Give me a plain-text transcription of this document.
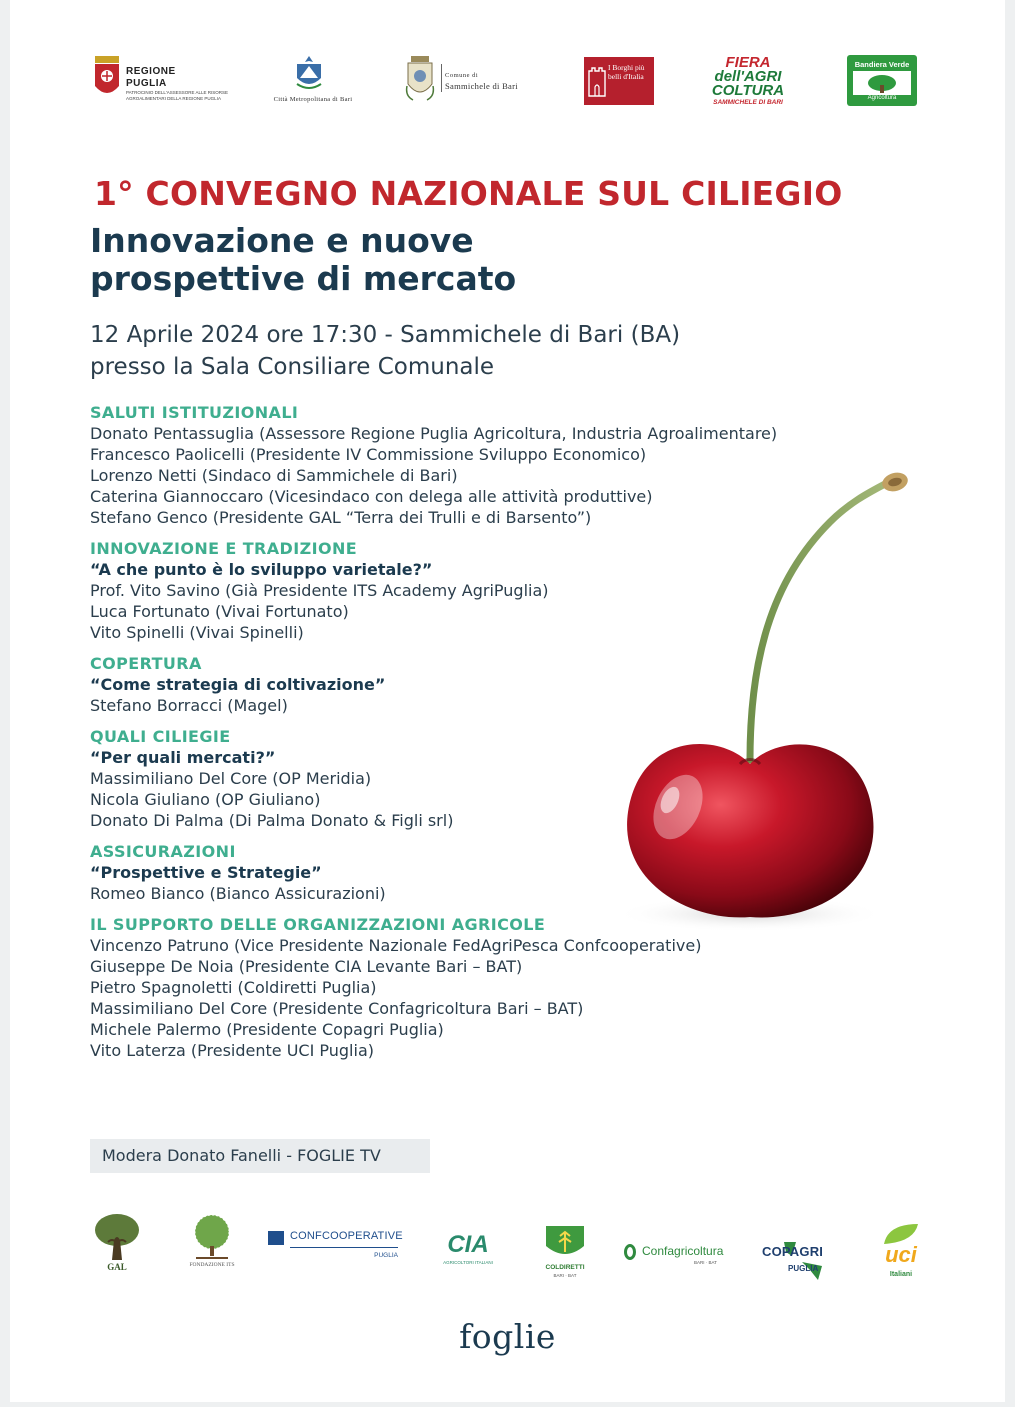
REGIONE
PUGLIA
PATROCINIO DELL'ASSESSORE ALLE RISORSE AGROALIMENTARI DELLA REGIONE PUGLIA	Città Metropolitana di Bari
Comune di
Sammichele di Bari
I Borghi più belli d'Italia
FIERA
dell'AGRI
COLTURA
SAMMICHELE DI BARI
Bandiera Verde
Agricoltura
1° CONVEGNO NAZIONALE SUL CILIEGIO
Innovazione e nuove
prospettive di mercato
12 Aprile 2024 ore 17:30 - Sammichele di Bari (BA)
presso la Sala Consiliare Comunale
SALUTI ISTITUZIONALI
Donato Pentassuglia (Assessore Regione Puglia Agricoltura, Industria Agroalimentare)
Francesco Paolicelli (Presidente IV Commissione Sviluppo Economico)
Lorenzo Netti (Sindaco di Sammichele di Bari)
Caterina Giannoccaro (Vicesindaco con delega alle attività produttive)
Stefano Genco (Presidente GAL “Terra dei Trulli e di Barsento”)
INNOVAZIONE E TRADIZIONE
“A che punto è lo sviluppo varietale?”
Prof. Vito Savino (Già Presidente ITS Academy AgriPuglia)
Luca Fortunato (Vivai Fortunato)
Vito Spinelli (Vivai Spinelli)
COPERTURA
“Come strategia di coltivazione”
Stefano Borracci (Magel)
QUALI CILIEGIE
“Per quali mercati?”
Massimiliano Del Core (OP Meridia)
Nicola Giuliano (OP Giuliano)
Donato Di Palma (Di Palma Donato & Figli srl)
ASSICURAZIONI
“Prospettive e Strategie”
Romeo Bianco (Bianco Assicurazioni)
IL SUPPORTO DELLE ORGANIZZAZIONI AGRICOLE
Vincenzo Patruno (Vice Presidente Nazionale FedAgriPesca Confcooperative)
Giuseppe De Noia (Presidente CIA Levante Bari – BAT)
Pietro Spagnoletti (Coldiretti Puglia)
Massimiliano Del Core (Presidente Confagricoltura Bari – BAT)
Michele Palermo (Presidente Copagri Puglia)
Vito Laterza (Presidente UCI Puglia)
Modera Donato Fanelli - FOGLIE TV
GAL	FONDAZIONE ITS
CONFCOOPERATIVE
PUGLIA	CIA
AGRICOLTORI ITALIANI
COLDIRETTI
BARI · BAT
Confagricoltura
BARI · BAT
COPAGRI
PUGLIA
uci
Italiani
foglie
